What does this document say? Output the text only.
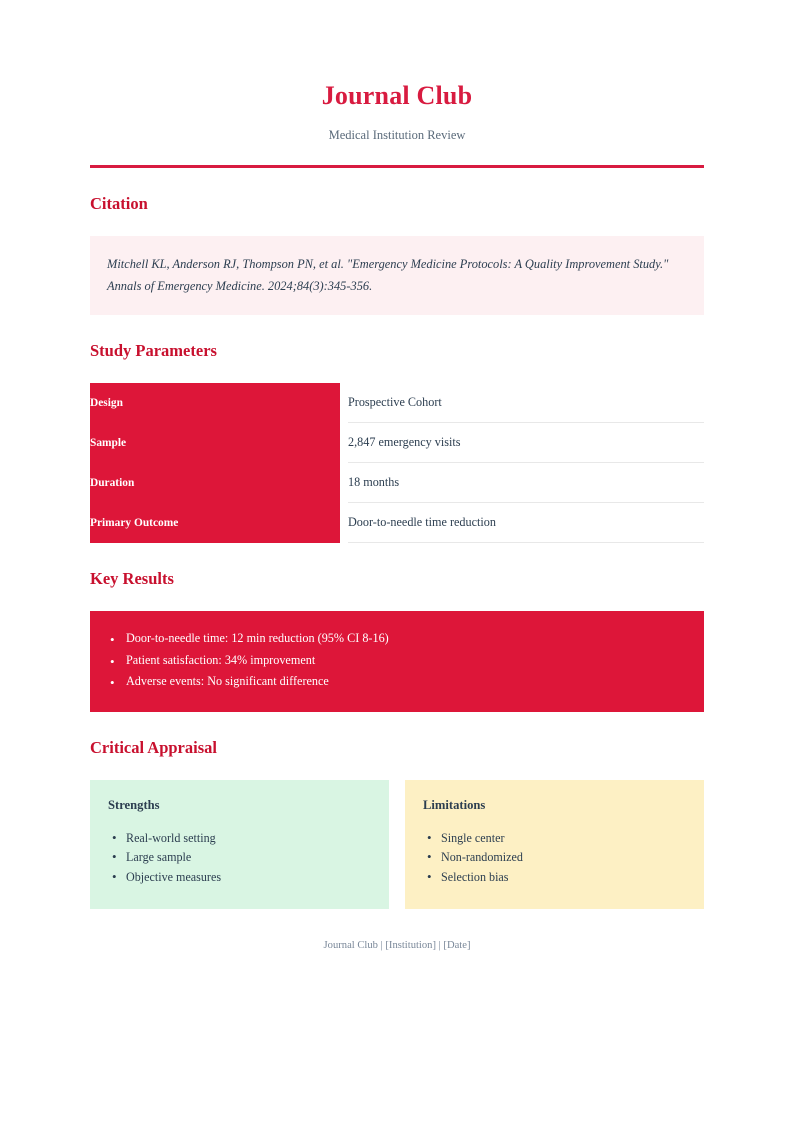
Journal Club

Medical Institution Review

Citation

Mitchell KL, Anderson RJ, Thompson PN, et al. "Emergency Medicine Protocols: A Quality Improvement Study." Annals of Emergency Medicine. 2024;84(3):345-356.

Study Parameters
Design		Prospective Cohort
Sample		2,847 emergency visits
Duration		18 months
Primary Outcome		Door-to-needle time reduction
Key Results
• Door-to-needle time: 12 min reduction (95% CI 8-16)
• Patient satisfaction: 34% improvement
• Adverse events: No significant difference
Critical Appraisal
Strengths
• Real-world setting
• Large sample
• Objective measures
Limitations
• Single center
• Non-randomized
• Selection bias
Journal Club | [Institution] | [Date]
